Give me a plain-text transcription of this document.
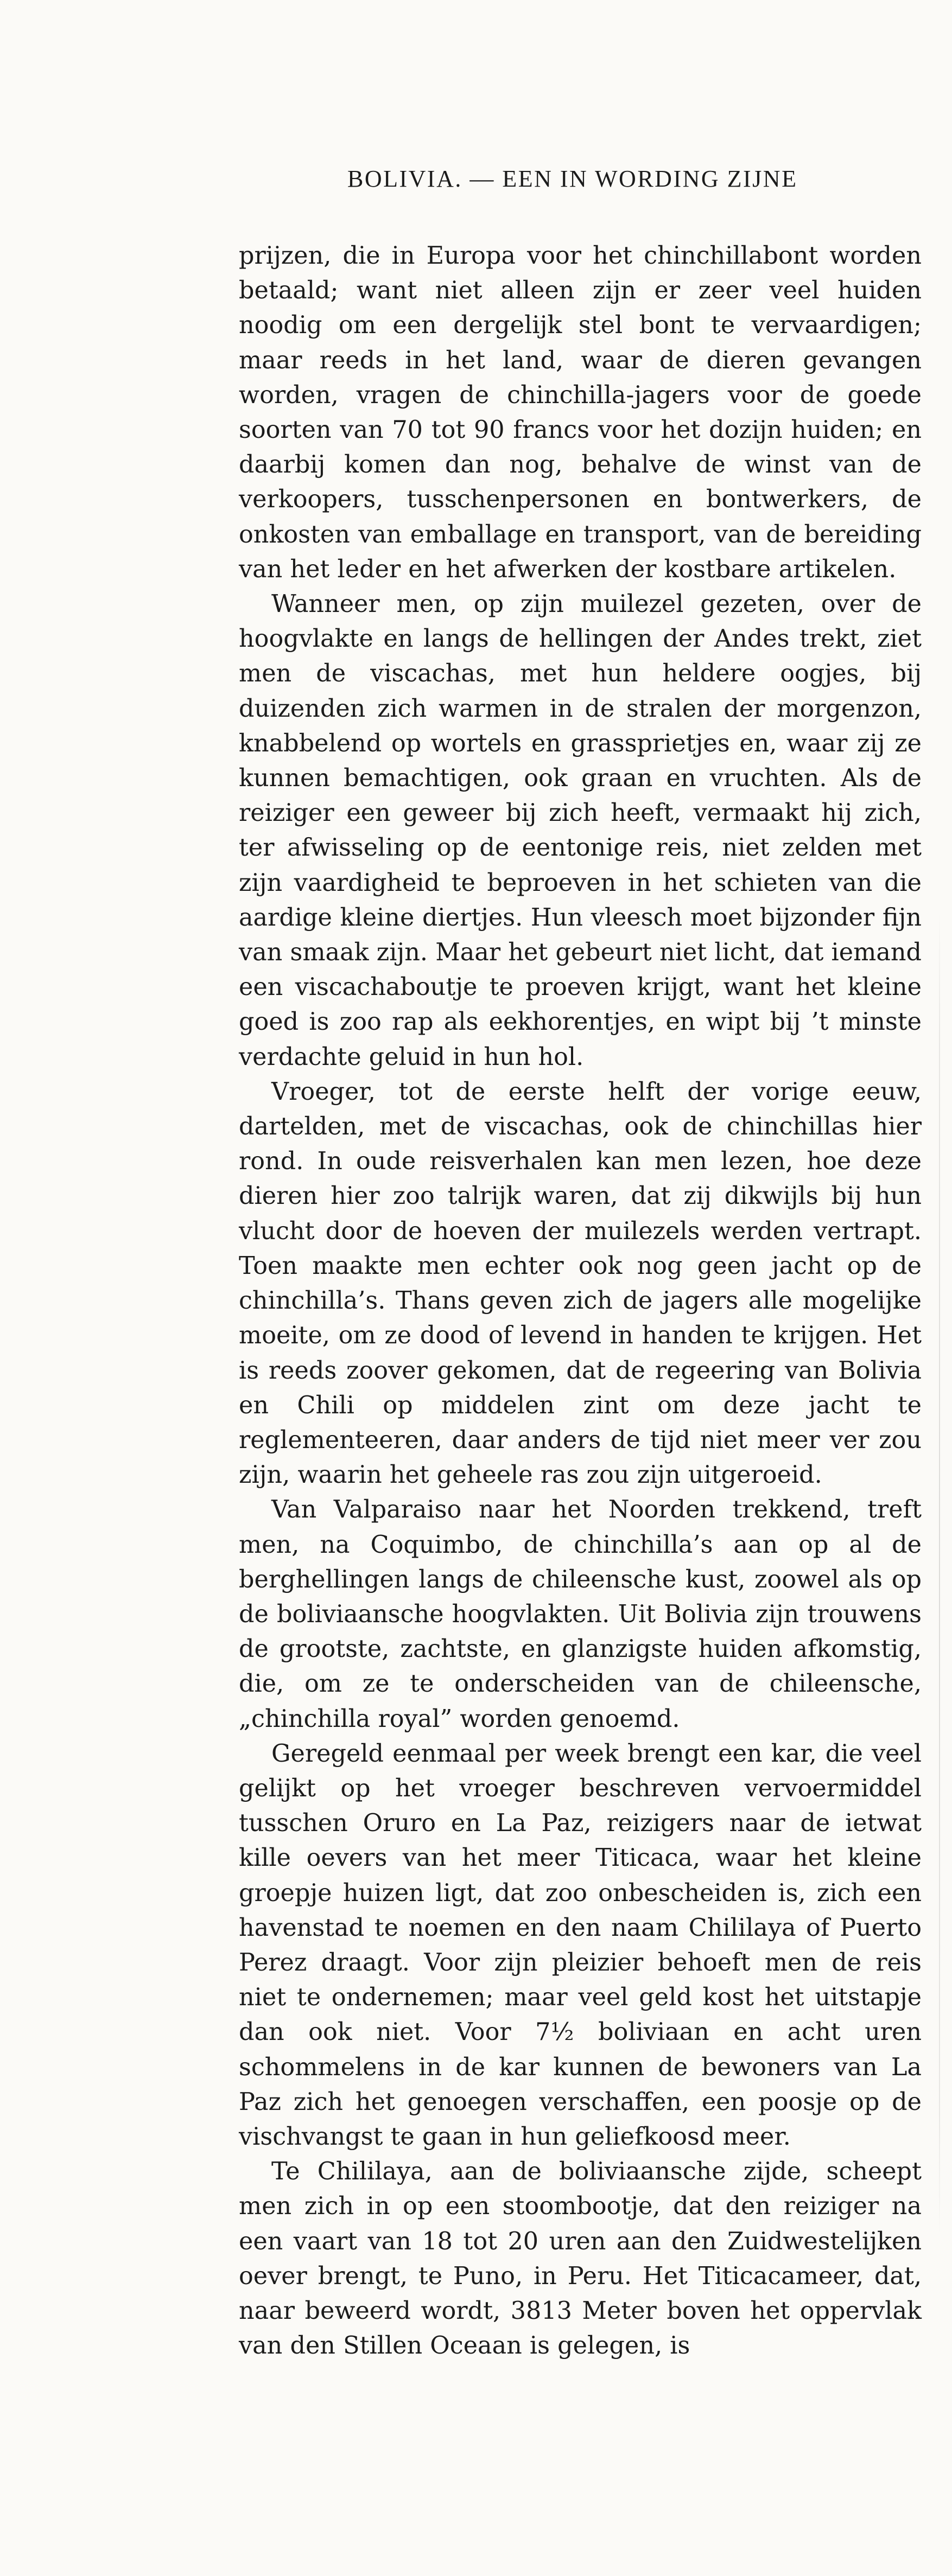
BOLIVIA. — EEN IN WORDING ZIJNE

prijzen, die in Europa voor het chinchillabont worden betaald; want niet alleen zijn er zeer veel huiden noodig om een dergelijk stel bont te vervaardigen; maar reeds in het land, waar de dieren gevangen worden, vragen de chinchilla-jagers voor de goede soorten van 70 tot 90 francs voor het dozijn huiden; en daarbij komen dan nog, behalve de winst van de verkoopers, tusschenpersonen en bontwerkers, de onkosten van emballage en transport, van de bereiding van het leder en het afwerken der kostbare artikelen.

Wanneer men, op zijn muilezel gezeten, over de hoogvlakte en langs de hellingen der Andes trekt, ziet men de viscachas, met hun heldere oogjes, bij duizenden zich warmen in de stralen der morgenzon, knabbelend op wortels en grassprietjes en, waar zij ze kunnen bemachtigen, ook graan en vruchten. Als de reiziger een geweer bij zich heeft, vermaakt hij zich, ter afwisseling op de eentonige reis, niet zelden met zijn vaardigheid te beproeven in het schieten van die aardige kleine diertjes. Hun vleesch moet bijzonder fijn van smaak zijn. Maar het gebeurt niet licht, dat iemand een viscachaboutje te proeven krijgt, want het kleine goed is zoo rap als eekhorentjes, en wipt bij ’t minste verdachte geluid in hun hol.

Vroeger, tot de eerste helft der vorige eeuw, dartelden, met de viscachas, ook de chinchillas hier rond. In oude reisverhalen kan men lezen, hoe deze dieren hier zoo talrijk waren, dat zij dikwijls bij hun vlucht door de hoeven der muilezels werden vertrapt. Toen maakte men echter ook nog geen jacht op de chinchilla’s. Thans geven zich de jagers alle mogelijke moeite, om ze dood of levend in handen te krijgen. Het is reeds zoover gekomen, dat de regeering van Bolivia en Chili op middelen zint om deze jacht te reglementeeren, daar anders de tijd niet meer ver zou zijn, waarin het geheele ras zou zijn uitgeroeid.

Van Valparaiso naar het Noorden trekkend, treft men, na Coquimbo, de chinchilla’s aan op al de berghellingen langs de chileensche kust, zoowel als op de boliviaansche hoogvlakten. Uit Bolivia zijn trouwens de grootste, zachtste, en glanzigste huiden afkomstig, die, om ze te onderscheiden van de chileensche, „chinchilla royal” worden genoemd.

Geregeld eenmaal per week brengt een kar, die veel gelijkt op het vroeger beschreven vervoermiddel tusschen Oruro en La Paz, reizigers naar de ietwat kille oevers van het meer Titicaca, waar het kleine groepje huizen ligt, dat zoo onbescheiden is, zich een havenstad te noemen en den naam Chililaya of Puerto Perez draagt. Voor zijn pleizier behoeft men de reis niet te ondernemen; maar veel geld kost het uitstapje dan ook niet. Voor 7½ boliviaan en acht uren schommelens in de kar kunnen de bewoners van La Paz zich het genoegen verschaffen, een poosje op de vischvangst te gaan in hun geliefkoosd meer.

Te Chililaya, aan de boliviaansche zijde, scheept men zich in op een stoombootje, dat den reiziger na een vaart van 18 tot 20 uren aan den Zuidwestelijken oever brengt, te Puno, in Peru. Het Titicacameer, dat, naar beweerd wordt, 3813 Meter boven het oppervlak van den Stillen Oceaan is gelegen, is
